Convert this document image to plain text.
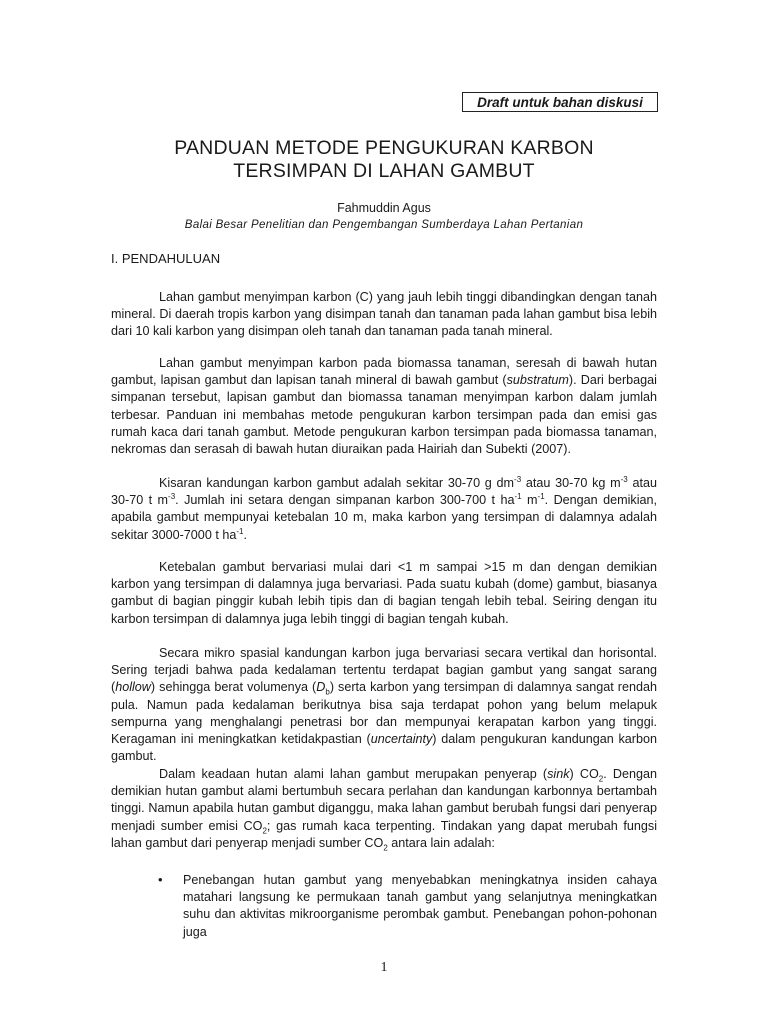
Draft untuk bahan diskusi
PANDUAN METODE PENGUKURAN KARBON
TERSIMPAN DI LAHAN GAMBUT
Fahmuddin Agus
Balai Besar Penelitian dan Pengembangan Sumberdaya Lahan Pertanian
I. PENDAHULUAN

Lahan gambut menyimpan karbon (C) yang jauh lebih tinggi dibandingkan dengan tanah mineral. Di daerah tropis karbon yang disimpan tanah dan tanaman pada lahan gambut bisa lebih dari 10 kali karbon yang disimpan oleh tanah dan tanaman pada tanah mineral.

Lahan gambut menyimpan karbon pada biomassa tanaman, seresah di bawah hutan gambut, lapisan gambut dan lapisan tanah mineral di bawah gambut (substratum). Dari berbagai simpanan tersebut, lapisan gambut dan biomassa tanaman menyimpan karbon dalam jumlah terbesar. Panduan ini membahas metode pengukuran karbon tersimpan pada dan emisi gas rumah kaca dari tanah gambut. Metode pengukuran karbon tersimpan pada biomassa tanaman, nekromas dan serasah di bawah hutan diuraikan pada Hairiah dan Subekti (2007).

Kisaran kandungan karbon gambut adalah sekitar 30-70 g $dm^{-3}$ atau 30-70 kg $m^{-3}$ atau 30-70 t $m^{-3}$. Jumlah ini setara dengan simpanan karbon 300-700 t $ha^{-1}$ $m^{-1}$. Dengan demikian, apabila gambut mempunyai ketebalan 10 m, maka karbon yang tersimpan di dalamnya adalah sekitar 3000-7000 t $ha^{-1}$.

Ketebalan gambut bervariasi mulai dari <1 m sampai >15 m dan dengan demikian karbon yang tersimpan di dalamnya juga bervariasi. Pada suatu kubah (dome) gambut, biasanya gambut di bagian pinggir kubah lebih tipis dan di bagian tengah lebih tebal. Seiring dengan itu karbon tersimpan di dalamnya juga lebih tinggi di bagian tengah kubah.

Secara mikro spasial kandungan karbon juga bervariasi secara vertikal dan horisontal. Sering terjadi bahwa pada kedalaman tertentu terdapat bagian gambut yang sangat sarang (hollow) sehingga berat volumenya $(D_b)$ serta karbon yang tersimpan di dalamnya sangat rendah pula. Namun pada kedalaman berikutnya bisa saja terdapat pohon yang belum melapuk sempurna yang menghalangi penetrasi bor dan mempunyai kerapatan karbon yang tinggi. Keragaman ini meningkatkan ketidakpastian (uncertainty) dalam pengukuran kandungan karbon gambut.

Dalam keadaan hutan alami lahan gambut merupakan penyerap (sink) $CO_2$. Dengan demikian hutan gambut alami bertumbuh secara perlahan dan kandungan karbonnya bertambah tinggi. Namun apabila hutan gambut diganggu, maka lahan gambut berubah fungsi dari penyerap menjadi sumber emisi $CO_2$; gas rumah kaca terpenting. Tindakan yang dapat merubah fungsi lahan gambut dari penyerap menjadi sumber $CO_2$ antara lain adalah:

• Penebangan hutan gambut yang menyebabkan meningkatnya insiden cahaya matahari langsung ke permukaan tanah gambut yang selanjutnya meningkatkan suhu dan aktivitas mikroorganisme perombak gambut. Penebangan pohon-pohonan juga

1
